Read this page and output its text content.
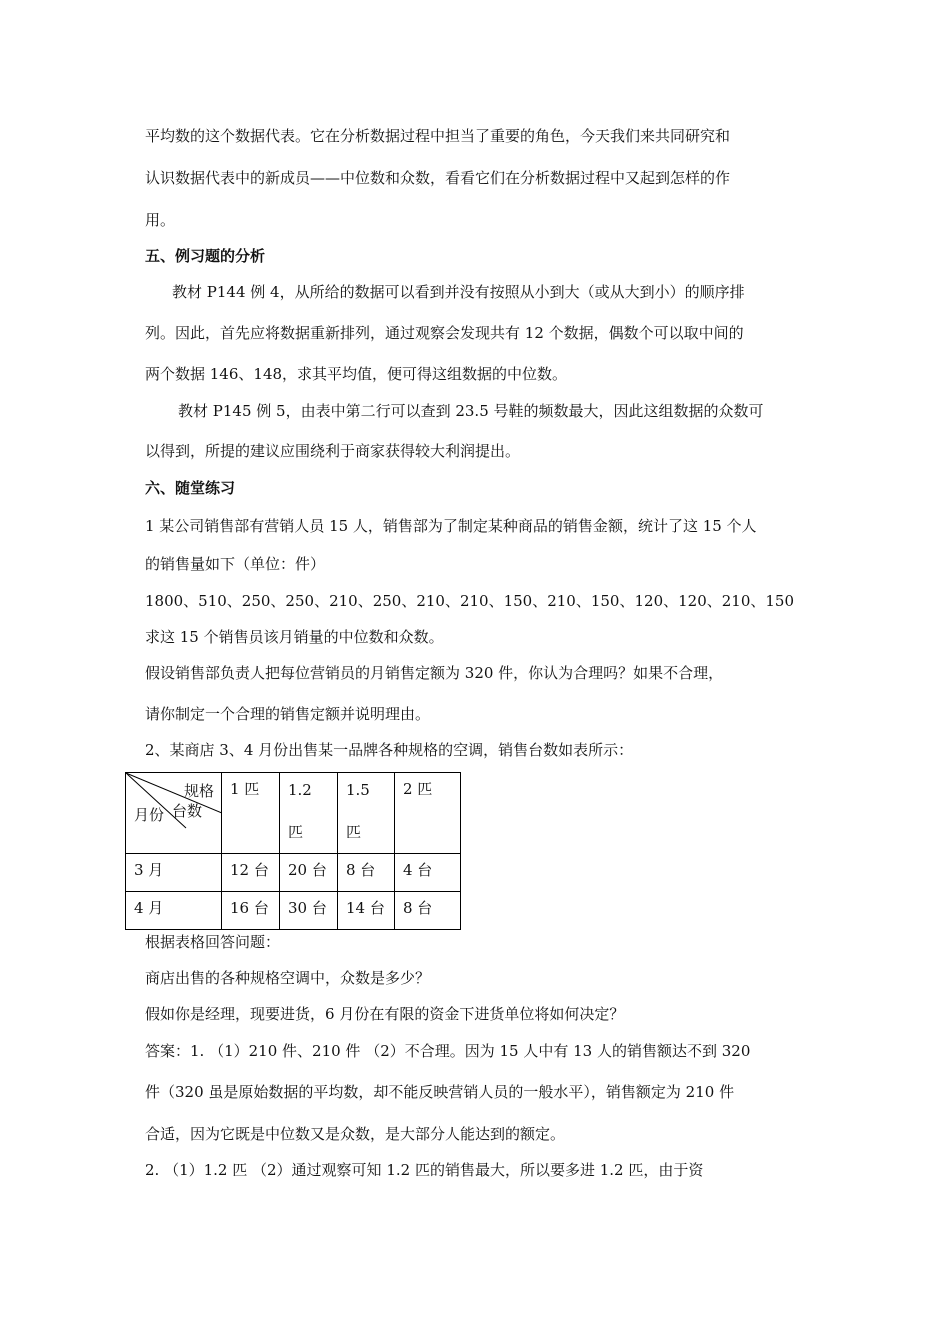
平均数的这个数据代表。它在分析数据过程中担当了重要的角色，今天我们来共同研究和
认识数据代表中的新成员——中位数和众数，看看它们在分析数据过程中又起到怎样的作
用。
五、例习题的分析
教材 P144 例 4，从所给的数据可以看到并没有按照从小到大（或从大到小）的顺序排
列。因此，首先应将数据重新排列，通过观察会发现共有 12 个数据，偶数个可以取中间的
两个数据 146、148，求其平均值，便可得这组数据的中位数。
教材 P145 例 5，由表中第二行可以查到 23.5 号鞋的频数最大，因此这组数据的众数可
以得到，所提的建议应围绕利于商家获得较大利润提出。
六、随堂练习
1 某公司销售部有营销人员 15 人，销售部为了制定某种商品的销售金额，统计了这 15 个人
的销售量如下（单位：件）
1800、510、250、250、210、250、210、210、150、210、150、120、120、210、150
求这 15 个销售员该月销量的中位数和众数。
假设销售部负责人把每位营销员的月销售定额为 320 件，你认为合理吗？如果不合理，
请你制定一个合理的销售定额并说明理由。
2、某商店 3、4 月份出售某一品牌各种规格的空调，销售台数如表所示：
规格
台数
月份	1 匹	1.2 匹	1.5 匹	2 匹
3 月	12 台	20 台	8 台	4 台
4 月	16 台	30 台	14 台	8 台
根据表格回答问题：
商店出售的各种规格空调中，众数是多少？
假如你是经理，现要进货，6 月份在有限的资金下进货单位将如何决定？
答案：1. （1）210 件、210 件 （2）不合理。因为 15 人中有 13 人的销售额达不到 320
件（320 虽是原始数据的平均数，却不能反映营销人员的一般水平），销售额定为 210 件
合适，因为它既是中位数又是众数，是大部分人能达到的额定。
2. （1）1.2 匹 （2）通过观察可知 1.2 匹的销售最大，所以要多进 1.2 匹，由于资
